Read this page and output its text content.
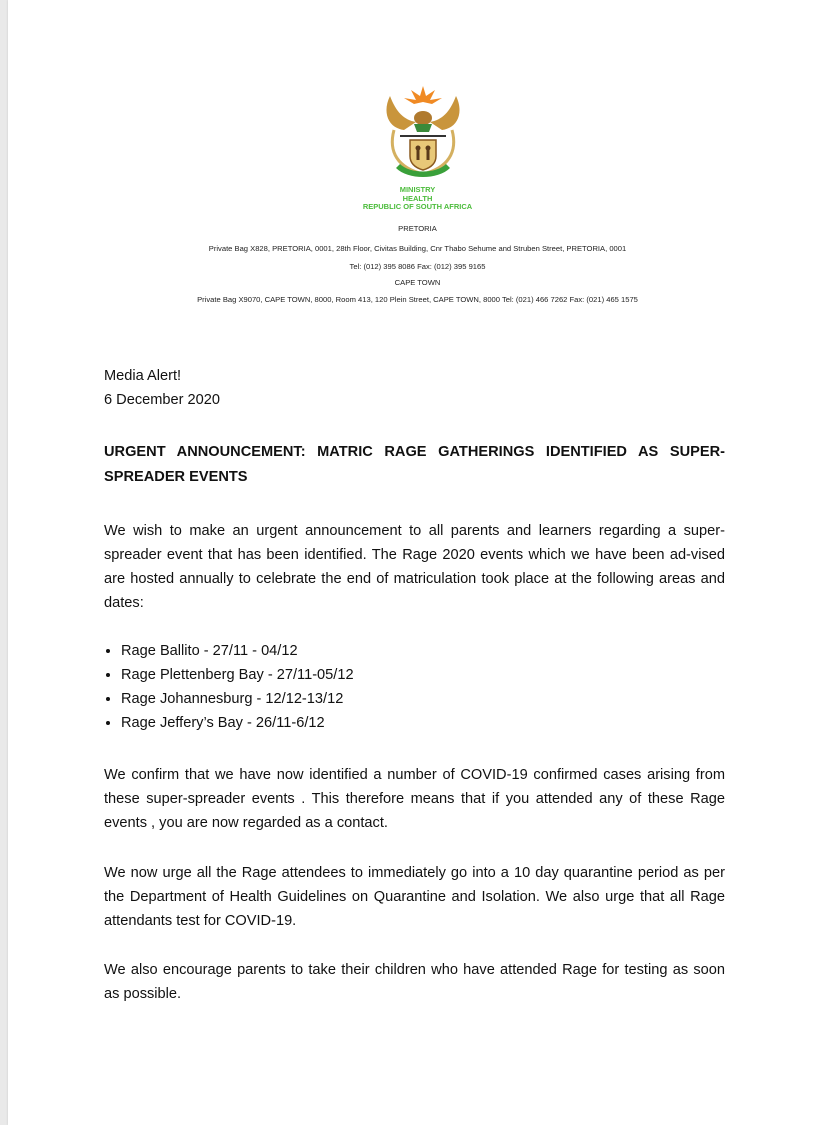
MINISTRY
HEALTH
REPUBLIC OF SOUTH AFRICA
PRETORIA
Private Bag X828, PRETORIA, 0001, 28th Floor, Civitas Building, Cnr Thabo Sehume and Struben Street, PRETORIA, 0001
Tel: (012) 395 8086 Fax: (012) 395 9165
CAPE TOWN
Private Bag X9070, CAPE TOWN, 8000, Room 413, 120 Plein Street, CAPE TOWN, 8000 Tel: (021) 466 7262 Fax: (021) 465 1575
Media Alert!
6 December 2020
URGENT ANNOUNCEMENT: MATRIC RAGE GATHERINGS IDENTIFIED AS SUPER-SPREADER EVENTS
We wish to make an urgent announcement to all parents and learners regarding a super-spreader event that has been identified. The Rage 2020 events which we have been ad-vised are hosted annually to celebrate the end of matriculation took place at the following areas and dates:
• Rage Ballito - 27/11 - 04/12
• Rage Plettenberg Bay - 27/11-05/12
• Rage Johannesburg - 12/12-13/12
• Rage Jeffery’s Bay - 26/11-6/12
We confirm that we have now identified a number of COVID-19 confirmed cases arising from these super-spreader events . This therefore means that if you attended any of these Rage events , you are now regarded as a contact.
We now urge all the Rage attendees to immediately go into a 10 day quarantine period as per the Department of Health Guidelines on Quarantine and Isolation. We also urge that all Rage attendants test for COVID-19.
We also encourage parents to take their children who have attended Rage for testing as soon as possible.
